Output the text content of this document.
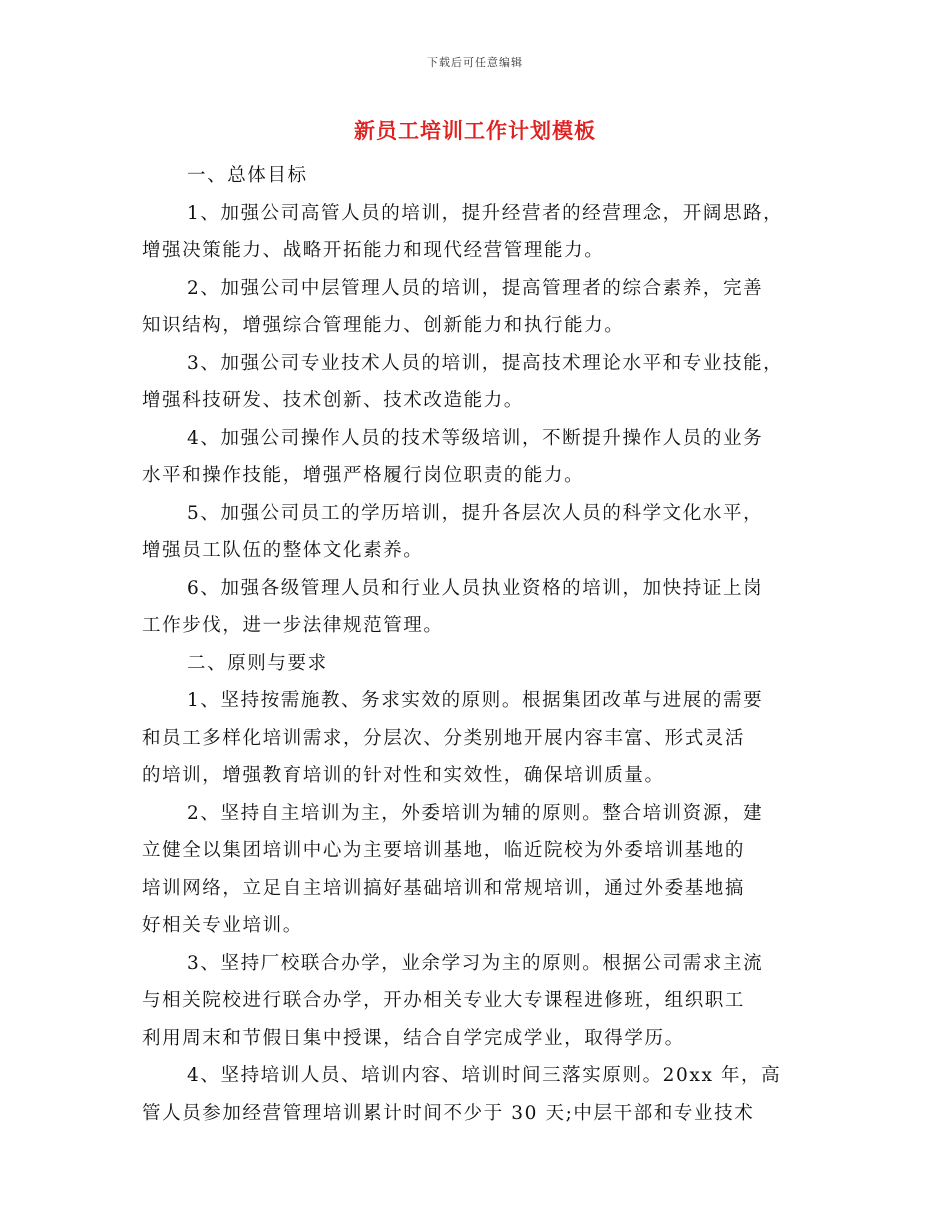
下载后可任意编辑
新员工培训工作计划模板
一、总体目标
1、加强公司高管人员的培训，提升经营者的经营理念，开阔思路，
增强决策能力、战略开拓能力和现代经营管理能力。
2、加强公司中层管理人员的培训，提高管理者的综合素养，完善
知识结构，增强综合管理能力、创新能力和执行能力。
3、加强公司专业技术人员的培训，提高技术理论水平和专业技能，
增强科技研发、技术创新、技术改造能力。
4、加强公司操作人员的技术等级培训，不断提升操作人员的业务
水平和操作技能，增强严格履行岗位职责的能力。
5、加强公司员工的学历培训，提升各层次人员的科学文化水平，
增强员工队伍的整体文化素养。
6、加强各级管理人员和行业人员执业资格的培训，加快持证上岗
工作步伐，进一步法律规范管理。
二、原则与要求
1、坚持按需施教、务求实效的原则。根据集团改革与进展的需要
和员工多样化培训需求，分层次、分类别地开展内容丰富、形式灵活
的培训，增强教育培训的针对性和实效性，确保培训质量。
2、坚持自主培训为主，外委培训为辅的原则。整合培训资源，建
立健全以集团培训中心为主要培训基地，临近院校为外委培训基地的
培训网络，立足自主培训搞好基础培训和常规培训，通过外委基地搞
好相关专业培训。
3、坚持厂校联合办学，业余学习为主的原则。根据公司需求主流
与相关院校进行联合办学，开办相关专业大专课程进修班，组织职工
利用周末和节假日集中授课，结合自学完成学业，取得学历。
4、坚持培训人员、培训内容、培训时间三落实原则。20xx 年，高
管人员参加经营管理培训累计时间不少于 30 天;中层干部和专业技术
